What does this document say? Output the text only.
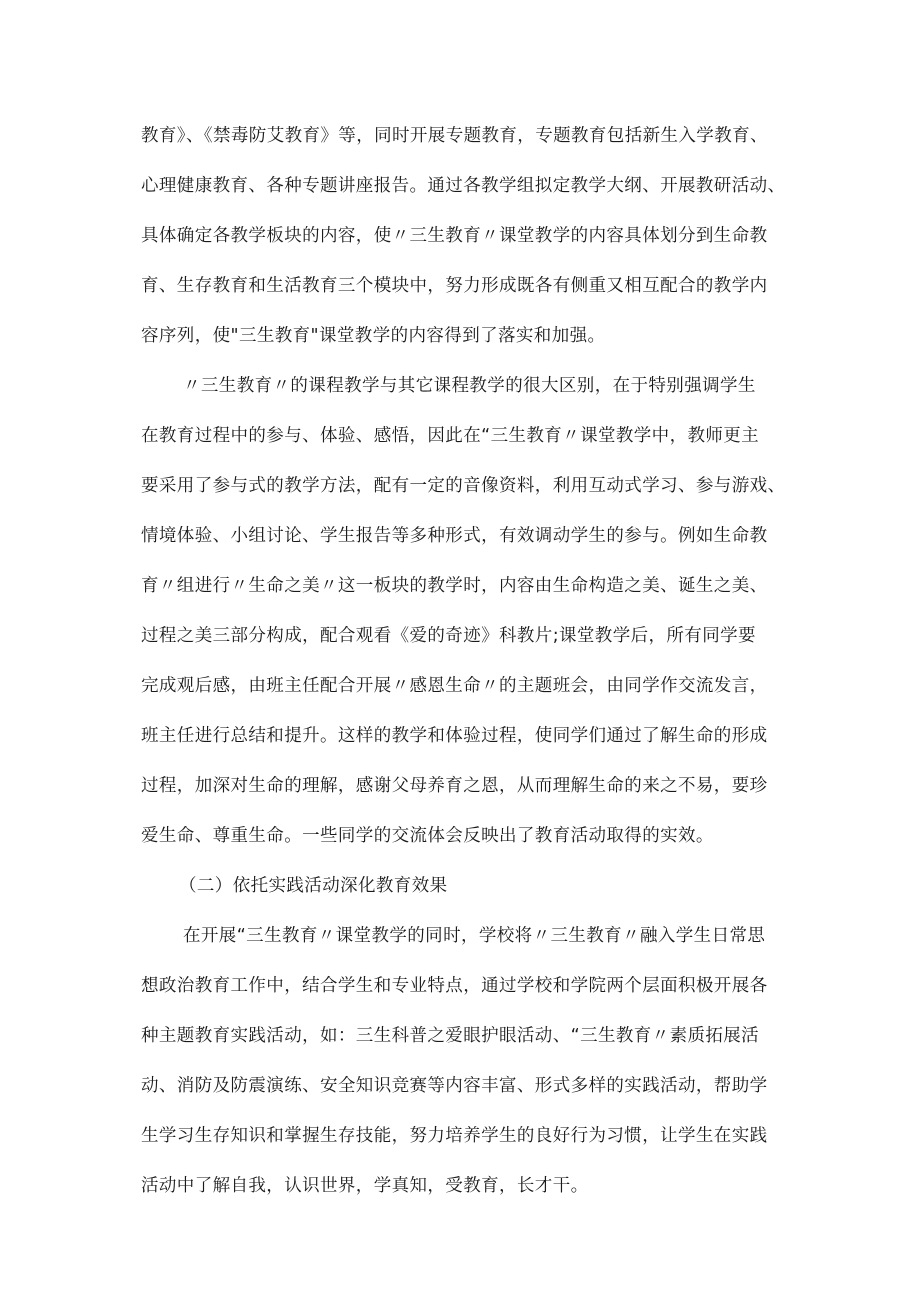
教育》、《禁毒防艾教育》等，同时开展专题教育，专题教育包括新生入学教育、
心理健康教育、各种专题讲座报告。通过各教学组拟定教学大纲、开展教研活动、
具体确定各教学板块的内容，使〃三生教育〃课堂教学的内容具体划分到生命教
育、生存教育和生活教育三个模块中，努力形成既各有侧重又相互配合的教学内
容序列，使"三生教育"课堂教学的内容得到了落实和加强。
〃三生教育〃的课程教学与其它课程教学的很大区别，在于特别强调学生
在教育过程中的参与、体验、感悟，因此在“三生教育〃课堂教学中，教师更主
要采用了参与式的教学方法，配有一定的音像资料，利用互动式学习、参与游戏、
情境体验、小组讨论、学生报告等多种形式，有效调动学生的参与。例如生命教
育〃组进行〃生命之美〃这一板块的教学时，内容由生命构造之美、诞生之美、
过程之美三部分构成，配合观看《爱的奇迹》科教片;课堂教学后，所有同学要
完成观后感，由班主任配合开展〃感恩生命〃的主题班会，由同学作交流发言，
班主任进行总结和提升。这样的教学和体验过程，使同学们通过了解生命的形成
过程，加深对生命的理解，感谢父母养育之恩，从而理解生命的来之不易，要珍
爱生命、尊重生命。一些同学的交流体会反映出了教育活动取得的实效。
（二）依托实践活动深化教育效果
在开展“三生教育〃课堂教学的同时，学校将〃三生教育〃融入学生日常思
想政治教育工作中，结合学生和专业特点，通过学校和学院两个层面积极开展各
种主题教育实践活动，如：三生科普之爱眼护眼活动、“三生教育〃素质拓展活
动、消防及防震演练、安全知识竞赛等内容丰富、形式多样的实践活动，帮助学
生学习生存知识和掌握生存技能，努力培养学生的良好行为习惯，让学生在实践
活动中了解自我，认识世界，学真知，受教育，长才干。
